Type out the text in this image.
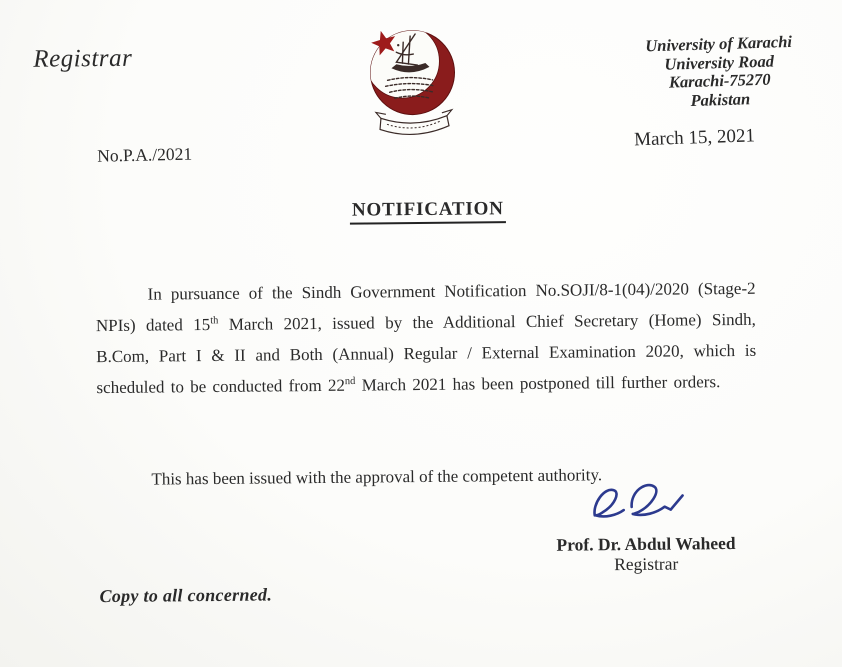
Registrar
University of Karachi
University Road
Karachi-75270
Pakistan
No.P.A./2021
March 15, 2021
NOTIFICATION

In pursuance of the Sindh Government Notification No.SOJI/8-1(04)/2020 (Stage-2 NPIs) dated 15th March 2021, issued by the Additional Chief Secretary (Home) Sindh, B.Com, Part I & II and Both (Annual) Regular / External Examination 2020, which is scheduled to be conducted from 22nd March 2021 has been postponed till further orders.

This has been issued with the approval of the competent authority.

Prof. Dr. Abdul Waheed
Registrar
Copy to all concerned.
